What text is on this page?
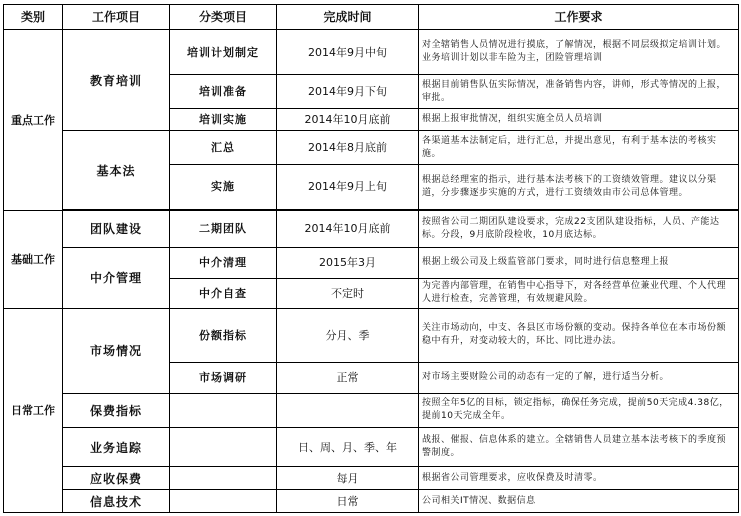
类别	工作项目	分类项目	完成时间	工作要求
重点工作	教育培训	培训计划制定	2014年9月中旬	对全辖销售人员情况进行摸底，了解情况，根据不同层级拟定培训计划。业务培训计划以非车险为主，团险管理培训
		培训准备	2014年9月下旬	根据目前销售队伍实际情况，准备销售内容，讲师，形式等情况的上报，审批。
		培训实施	2014年10月底前	根据上报审批情况，组织实施全员人员培训
	基本法	汇总	2014年8月底前	各渠道基本法制定后，进行汇总，并提出意见，有利于基本法的考核实施。
		实施	2014年9月上旬	根据总经理室的指示，进行基本法考核下的工资绩效管理。建议以分渠道，分步骤逐步实施的方式，进行工资绩效由市公司总体管理。

基础工作	团队建设	二期团队	2014年10月底前	按照省公司二期团队建设要求，完成22支团队建设指标，人员、产能达标。分段，9月底阶段检收，10月底达标。
	中介管理	中介清理	2015年3月	根据上级公司及上级监管部门要求，同时进行信息整理上报
		中介自查	不定时	为完善内部管理，在销售中心指导下，对各经营单位兼业代理、个人代理人进行检查，完善管理，有效规避风险。
日常工作	市场情况	份额指标	分月、季	关注市场动向，中支、各县区市场份额的变动。保持各单位在本市场份额稳中有升，对变动较大的，环比、同比进办法。
		市场调研	正常	对市场主要财险公司的动态有一定的了解，进行适当分析。
	保费指标			按照全年5亿的目标，锁定指标，确保任务完成，提前50天完成4.38亿，提前10天完成全年。
	业务追踪		日、周、月、季、年	战报、催报、信息体系的建立。全辖销售人员建立基本法考核下的季度预警制度。
	应收保费		每月	根据省公司管理要求，应收保费及时清零。
	信息技术		日常	公司相关IT情况、数据信息
